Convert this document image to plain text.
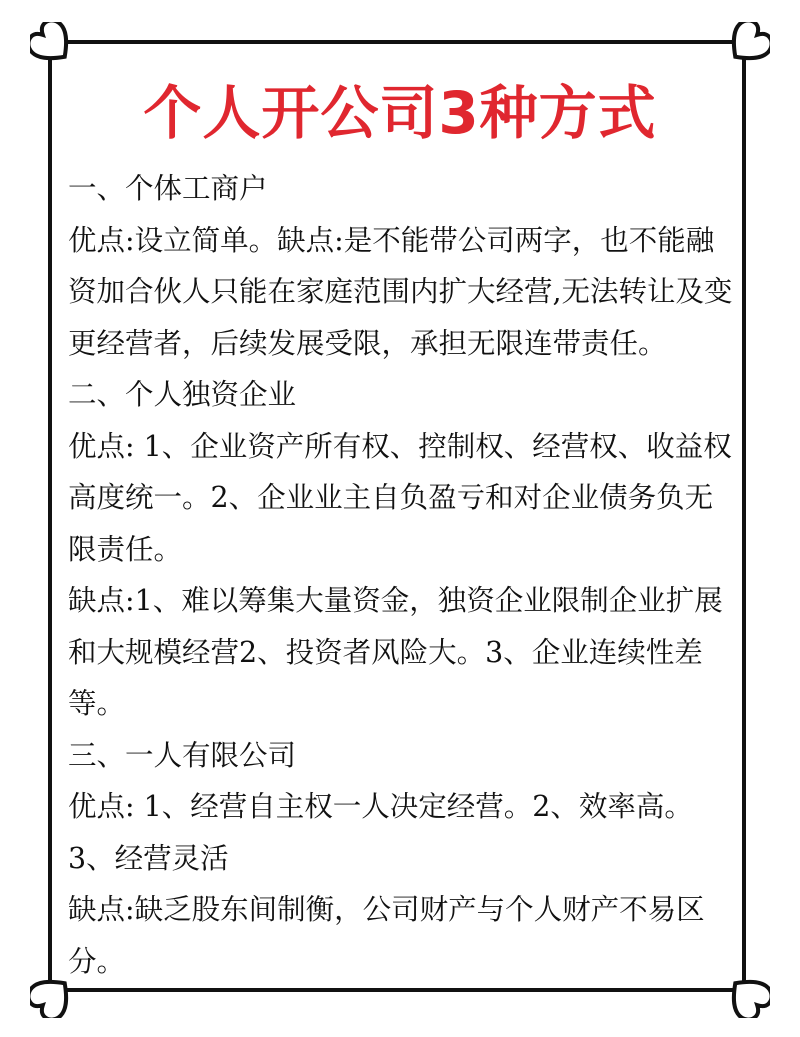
个人开公司3种方式

一、个体工商户

优点:设立简单。缺点:是不能带公司两字，也不能融资加合伙人只能在家庭范围内扩大经营,无法转让及变更经营者，后续发展受限，承担无限连带责任。

二、个人独资企业

优点: 1、企业资产所有权、控制权、经营权、收益权高度统一。2、企业业主自负盈亏和对企业债务负无限责任。

缺点:1、难以筹集大量资金，独资企业限制企业扩展和大规模经营2、投资者风险大。3、企业连续性差等。

三、一人有限公司

优点: 1、经营自主权一人决定经营。2、效率高。3、经营灵活

缺点:缺乏股东间制衡，公司财产与个人财产不易区分。
